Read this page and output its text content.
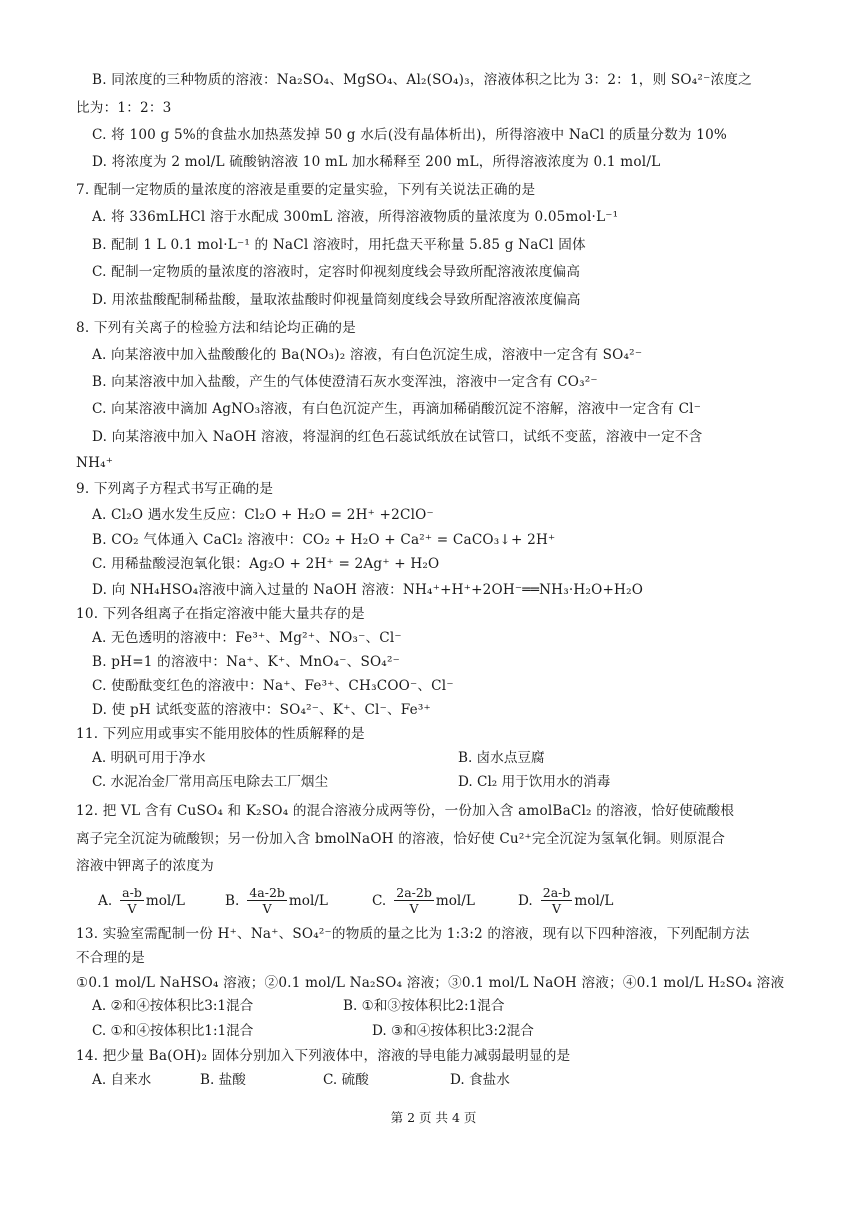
B. 同浓度的三种物质的溶液：Na₂SO₄、MgSO₄、Al₂(SO₄)₃，溶液体积之比为 3：2：1，则 SO₄²⁻浓度之
比为：1：2：3
C. 将 100 g 5%的食盐水加热蒸发掉 50 g 水后(没有晶体析出)，所得溶液中 NaCl 的质量分数为 10%
D. 将浓度为 2 mol/L 硫酸钠溶液 10 mL 加水稀释至 200 mL，所得溶液浓度为 0.1 mol/L
7. 配制一定物质的量浓度的溶液是重要的定量实验，下列有关说法正确的是
A. 将 336mLHCl 溶于水配成 300mL 溶液，所得溶液物质的量浓度为 0.05mol·L⁻¹
B. 配制 1 L 0.1 mol·L⁻¹ 的 NaCl 溶液时，用托盘天平称量 5.85 g NaCl 固体
C. 配制一定物质的量浓度的溶液时，定容时仰视刻度线会导致所配溶液浓度偏高
D. 用浓盐酸配制稀盐酸，量取浓盐酸时仰视量筒刻度线会导致所配溶液浓度偏高
8. 下列有关离子的检验方法和结论均正确的是
A. 向某溶液中加入盐酸酸化的 Ba(NO₃)₂ 溶液，有白色沉淀生成，溶液中一定含有 SO₄²⁻
B. 向某溶液中加入盐酸，产生的气体使澄清石灰水变浑浊，溶液中一定含有 CO₃²⁻
C. 向某溶液中滴加 AgNO₃溶液，有白色沉淀产生，再滴加稀硝酸沉淀不溶解，溶液中一定含有 Cl⁻
D. 向某溶液中加入 NaOH 溶液，将湿润的红色石蕊试纸放在试管口，试纸不变蓝，溶液中一定不含
NH₄⁺
9. 下列离子方程式书写正确的是
A. Cl₂O 遇水发生反应：Cl₂O + H₂O = 2H⁺ +2ClO⁻
B. CO₂ 气体通入 CaCl₂ 溶液中：CO₂ + H₂O + Ca²⁺ = CaCO₃↓+ 2H⁺
C. 用稀盐酸浸泡氧化银：Ag₂O + 2H⁺ = 2Ag⁺ + H₂O
D. 向 NH₄HSO₄溶液中滴入过量的 NaOH 溶液：NH₄⁺+H⁺+2OH⁻══NH₃·H₂O+H₂O
10. 下列各组离子在指定溶液中能大量共存的是
A. 无色透明的溶液中：Fe³⁺、Mg²⁺、NO₃⁻、Cl⁻
B. pH=1 的溶液中：Na⁺、K⁺、MnO₄⁻、SO₄²⁻
C. 使酚酞变红色的溶液中：Na⁺、Fe³⁺、CH₃COO⁻、Cl⁻
D. 使 pH 试纸变蓝的溶液中：SO₄²⁻、K⁺、Cl⁻、Fe³⁺
11. 下列应用或事实不能用胶体的性质解释的是
A. 明矾可用于净水	B. 卤水点豆腐
C. 水泥冶金厂常用高压电除去工厂烟尘	D. Cl₂ 用于饮用水的消毒
12. 把 VL 含有 CuSO₄ 和 K₂SO₄ 的混合溶液分成两等份，一份加入含 amolBaCl₂ 的溶液，恰好使硫酸根
离子完全沉淀为硫酸钡；另一份加入含 bmolNaOH 的溶液，恰好使 Cu²⁺完全沉淀为氢氧化铜。则原混合
溶液中钾离子的浓度为
A. $\frac{a-b}{V} mol/L$	B. $\frac{4a-2b}{V} mol/L$	C. $\frac{2a-2b}{V} mol/L$	D. $\frac{2a-b}{V} mol/L$
13. 实验室需配制一份 H⁺、Na⁺、SO₄²⁻的物质的量之比为 1:3:2 的溶液，现有以下四种溶液，下列配制方法
不合理的是
①0.1 mol/L NaHSO₄ 溶液；②0.1 mol/L Na₂SO₄ 溶液；③0.1 mol/L NaOH 溶液；④0.1 mol/L H₂SO₄ 溶液
A. ②和④按体积比3:1混合	B. ①和③按体积比2:1混合
C. ①和④按体积比1:1混合	D. ③和④按体积比3:2混合
14. 把少量 Ba(OH)₂ 固体分别加入下列液体中，溶液的导电能力减弱最明显的是
A. 自来水	B. 盐酸	C. 硫酸	D. 食盐水
第 2 页 共 4 页
